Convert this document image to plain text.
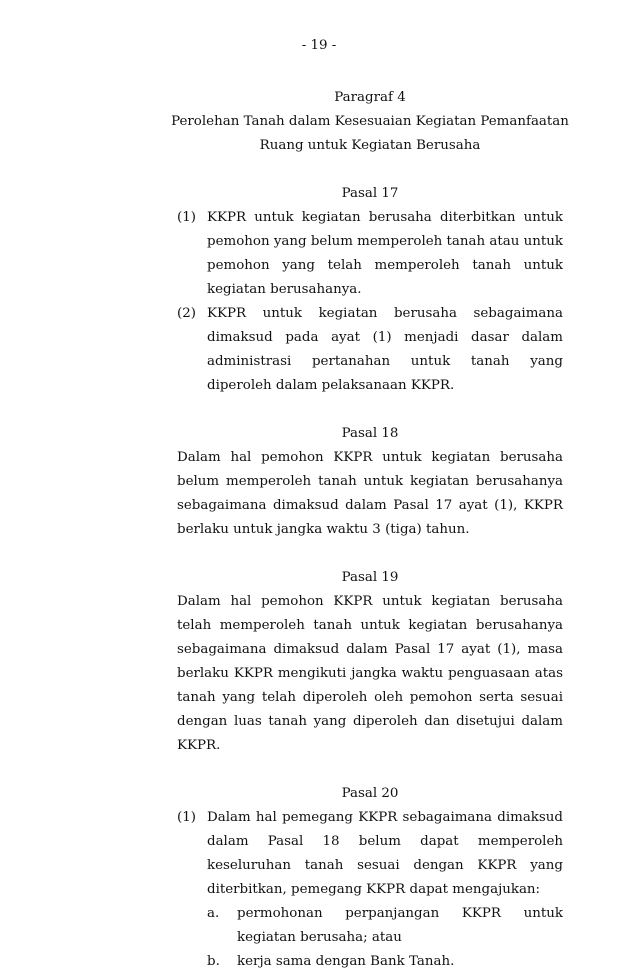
- 19 -
Paragraf 4
Perolehan Tanah dalam Kesesuaian Kegiatan Pemanfaatan
Ruang untuk Kegiatan Berusaha
Pasal 17
(1) KKPR untuk kegiatan berusaha diterbitkan untuk pemohon yang belum memperoleh tanah atau untuk pemohon yang telah memperoleh tanah untuk kegiatan berusahanya.
(2) KKPR untuk kegiatan berusaha sebagaimana dimaksud pada ayat (1) menjadi dasar dalam administrasi pertanahan untuk tanah yang diperoleh dalam pelaksanaan KKPR.
Pasal 18
Dalam hal pemohon KKPR untuk kegiatan berusaha belum memperoleh tanah untuk kegiatan berusahanya sebagaimana dimaksud dalam Pasal 17 ayat (1), KKPR berlaku untuk jangka waktu 3 (tiga) tahun.
Pasal 19
Dalam hal pemohon KKPR untuk kegiatan berusaha telah memperoleh tanah untuk kegiatan berusahanya sebagaimana dimaksud dalam Pasal 17 ayat (1), masa berlaku KKPR mengikuti jangka waktu penguasaan atas tanah yang telah diperoleh oleh pemohon serta sesuai dengan luas tanah yang diperoleh dan disetujui dalam KKPR.
Pasal 20
(1) Dalam hal pemegang KKPR sebagaimana dimaksud dalam Pasal 18 belum dapat memperoleh keseluruhan tanah sesuai dengan KKPR yang diterbitkan, pemegang KKPR dapat mengajukan:
a.	permohonan perpanjangan KKPR untuk kegiatan berusaha; atau
b.	kerja sama dengan Bank Tanah.
